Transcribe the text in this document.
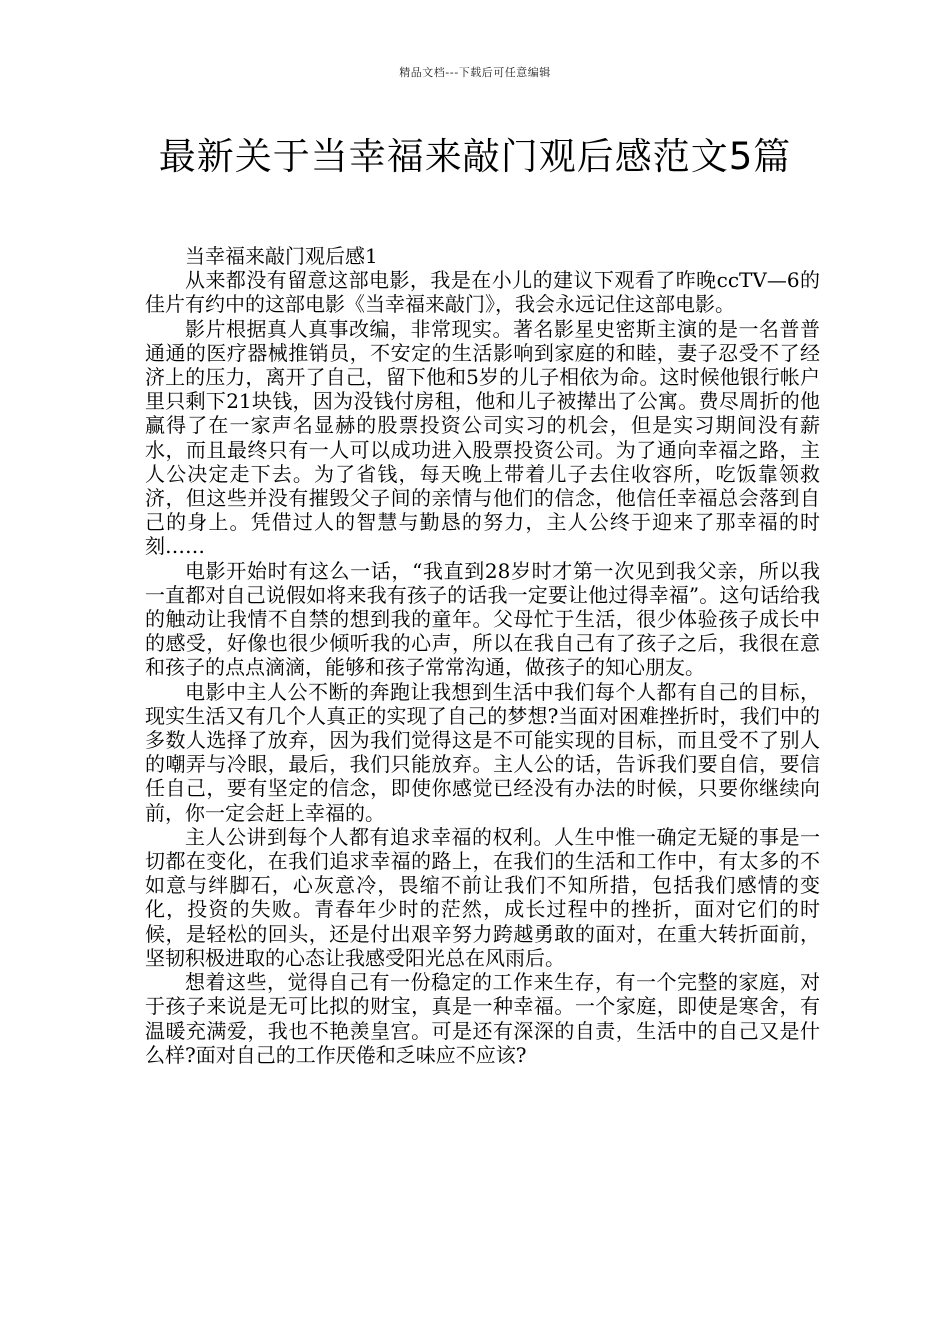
精品文档---下载后可任意编辑
最新关于当幸福来敲门观后感范文5篇

当幸福来敲门观后感1

从来都没有留意这部电影，我是在小儿的建议下观看了昨晚ccTV—6的佳片有约中的这部电影《当幸福来敲门》，我会永远记住这部电影。

影片根据真人真事改编，非常现实。著名影星史密斯主演的是一名普普通通的医疗器械推销员，不安定的生活影响到家庭的和睦，妻子忍受不了经济上的压力，离开了自己，留下他和5岁的儿子相依为命。这时候他银行帐户里只剩下21块钱，因为没钱付房租，他和儿子被撵出了公寓。费尽周折的他赢得了在一家声名显赫的股票投资公司实习的机会，但是实习期间没有薪水，而且最终只有一人可以成功进入股票投资公司。为了通向幸福之路，主人公决定走下去。为了省钱，每天晚上带着儿子去住收容所，吃饭靠领救济，但这些并没有摧毁父子间的亲情与他们的信念，他信任幸福总会落到自己的身上。凭借过人的智慧与勤恳的努力，主人公终于迎来了那幸福的时刻……

电影开始时有这么一话，“我直到28岁时才第一次见到我父亲，所以我一直都对自己说假如将来我有孩子的话我一定要让他过得幸福”。这句话给我的触动让我情不自禁的想到我的童年。父母忙于生活，很少体验孩子成长中的感受，好像也很少倾听我的心声，所以在我自己有了孩子之后，我很在意和孩子的点点滴滴，能够和孩子常常沟通，做孩子的知心朋友。

电影中主人公不断的奔跑让我想到生活中我们每个人都有自己的目标，现实生活又有几个人真正的实现了自己的梦想?当面对困难挫折时，我们中的多数人选择了放弃，因为我们觉得这是不可能实现的目标，而且受不了别人的嘲弄与冷眼，最后，我们只能放弃。主人公的话，告诉我们要自信，要信任自己，要有坚定的信念，即使你感觉已经没有办法的时候，只要你继续向前，你一定会赶上幸福的。

主人公讲到每个人都有追求幸福的权利。人生中惟一确定无疑的事是一切都在变化，在我们追求幸福的路上，在我们的生活和工作中，有太多的不如意与绊脚石，心灰意冷，畏缩不前让我们不知所措，包括我们感情的变化，投资的失败。青春年少时的茫然，成长过程中的挫折，面对它们的时候，是轻松的回头，还是付出艰辛努力跨越勇敢的面对，在重大转折面前，坚韧积极进取的心态让我感受阳光总在风雨后。

想着这些，觉得自己有一份稳定的工作来生存，有一个完整的家庭，对于孩子来说是无可比拟的财宝，真是一种幸福。一个家庭，即使是寒舍，有温暖充满爱，我也不艳羡皇宫。可是还有深深的自责，生活中的自己又是什么样?面对自己的工作厌倦和乏味应不应该?
